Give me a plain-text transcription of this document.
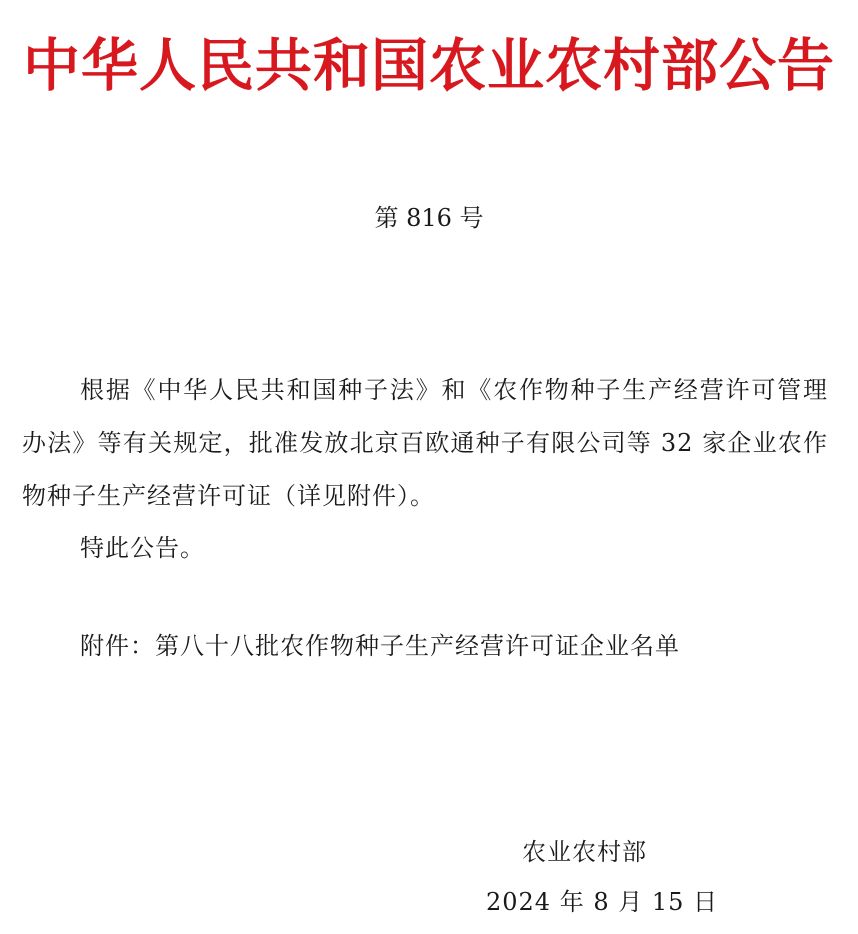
中华人民共和国农业农村部公告

第 816 号

根据《中华人民共和国种子法》和《农作物种子生产经营许可管理办法》等有关规定，批准发放北京百欧通种子有限公司等 32 家企业农作物种子生产经营许可证（详见附件）。

特此公告。

附件：第八十八批农作物种子生产经营许可证企业名单

农业农村部

2024 年 8 月 15 日
